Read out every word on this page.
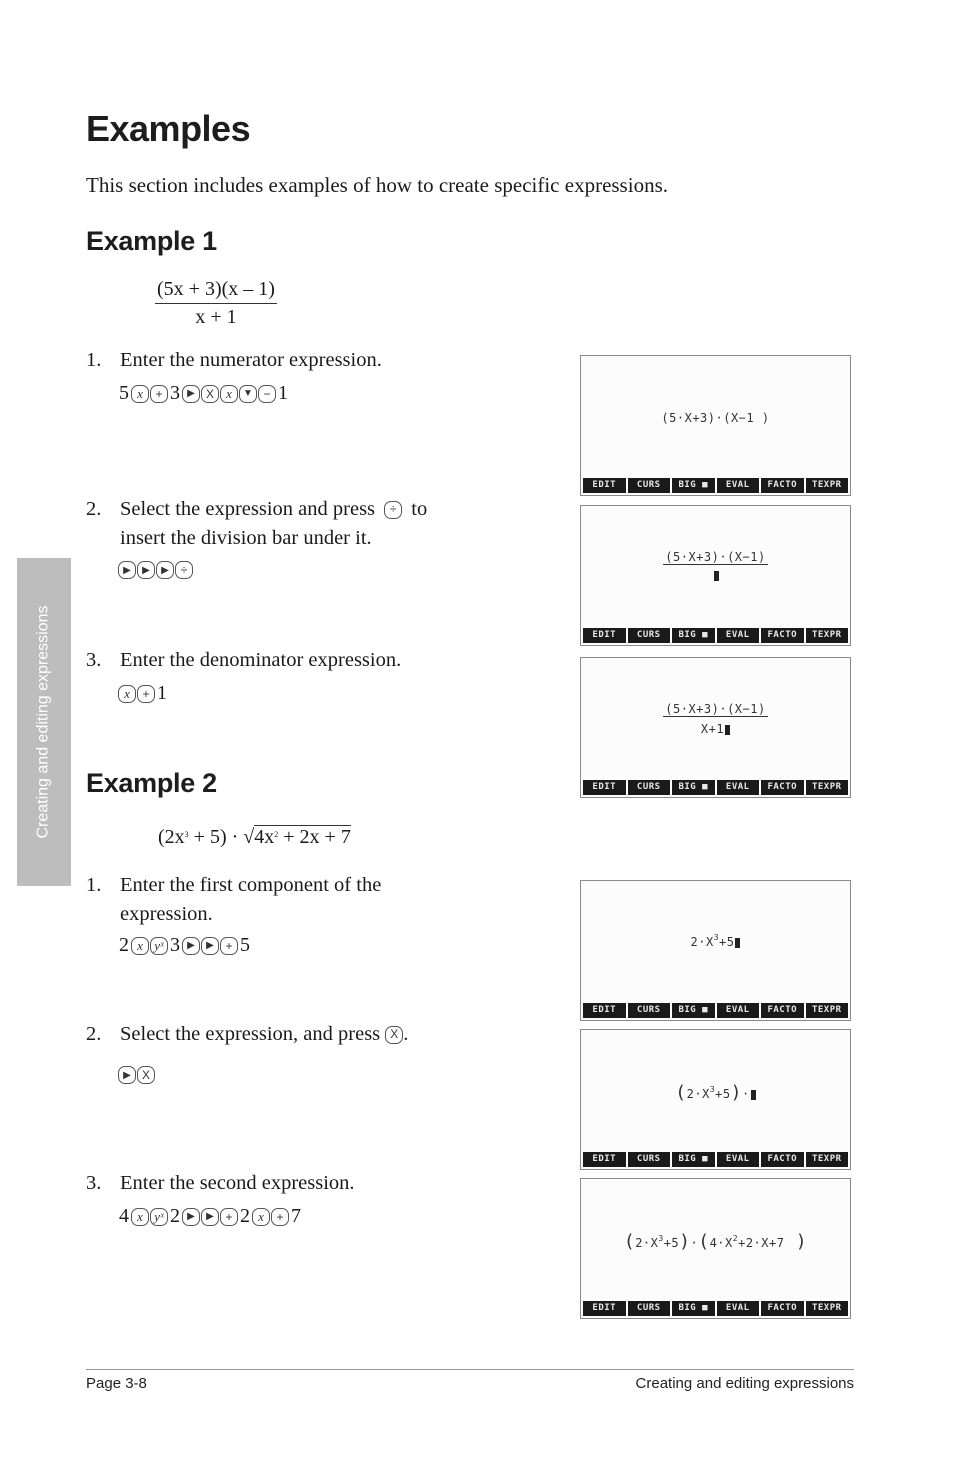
Examples
This section includes examples of how to create specific expressions.
Creating and editing expressions
Example 1
$\frac{(5x + 3)(x - 1)}{x + 1}$
1. Enter the numerator expression.
5 x	+ 3 ▶ X x	▼ − 1
2. Select the expression and press ÷ to
insert the division bar under it.
▶	▶	▶ ÷
3. Enter the denominator expression.
x	+ 1
(5·X+3)·(X−1 )
EDIT	CURS	BIG ■	EVAL	FACTO	TEXPR
(5·X+3)·(X−1)
EDIT	CURS	BIG ■	EVAL	FACTO	TEXPR
(5·X+3)·(X−1)
X+1
EDIT	CURS	BIG ■	EVAL	FACTO	TEXPR
Example 2
$(2x^3 + 5) \cdot √4x^2 + 2x + 7$
1. Enter the first component of the
expression.
2 x yˣ 3 ▶	▶ + 5
2. Select the expression, and press X .
▶ X
3. Enter the second expression.
4 x yˣ 2 ▶	▶ + 2 x	+ 7
$2\cdot X^3+5$
EDIT	CURS	BIG ■	EVAL	FACTO	TEXPR
$(2\cdot X^3+5)\cdot$
EDIT	CURS	BIG ■	EVAL	FACTO	TEXPR
$(2\cdot X^3+5)\cdot(4\cdot X^2+2\cdot X+7$ )
EDIT	CURS	BIG ■	EVAL	FACTO	TEXPR
Page 3-8	Creating and editing expressions
